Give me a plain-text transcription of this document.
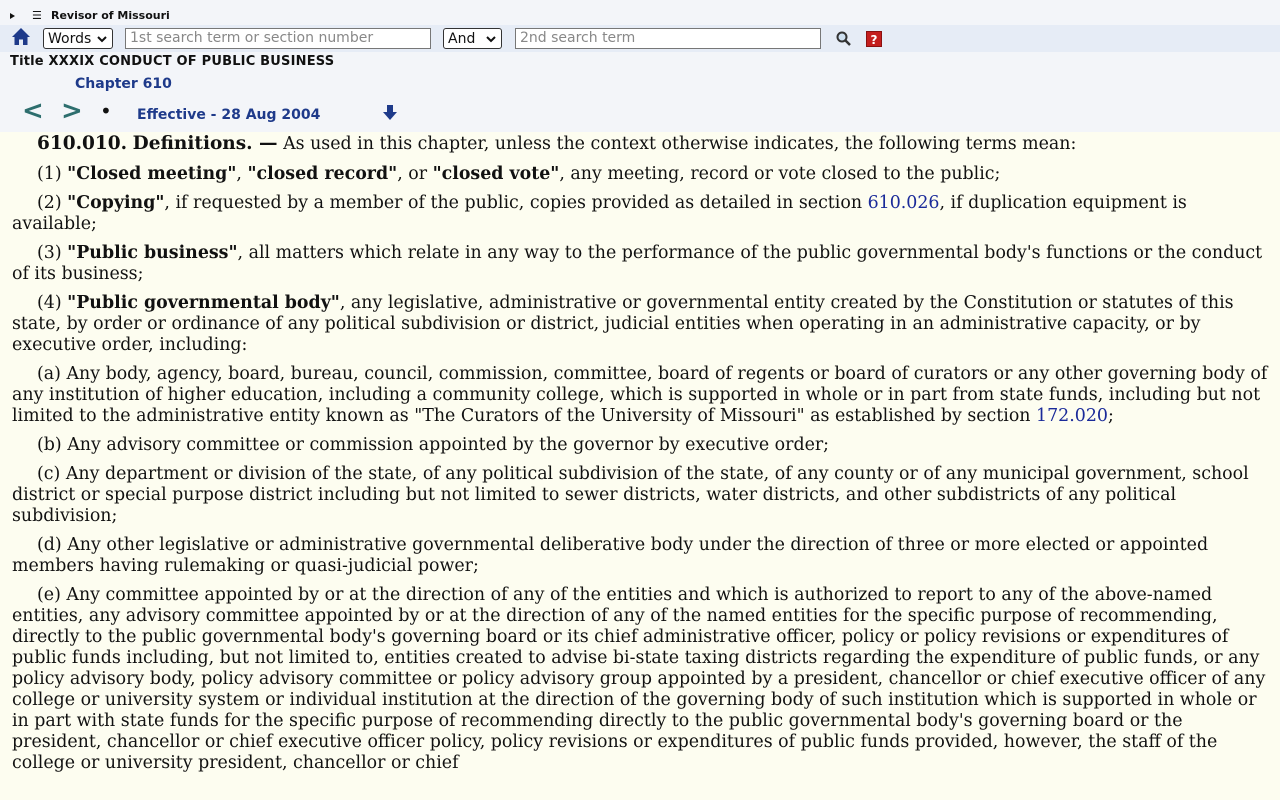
☰ Revisor of Missouri
Words	1st search term or section number	And	2nd search term	?
Title XXXIX CONDUCT OF PUBLIC BUSINESS
Chapter 610
< > • Effective - 28 Aug 2004

610.010. Definitions. — As used in this chapter, unless the context otherwise indicates, the following terms mean:

(1) "Closed meeting", "closed record", or "closed vote", any meeting, record or vote closed to the public;

(2) "Copying", if requested by a member of the public, copies provided as detailed in section 610.026, if duplication equipment is available;

(3) "Public business", all matters which relate in any way to the performance of the public governmental body's functions or the conduct of its business;

(4) "Public governmental body", any legislative, administrative or governmental entity created by the Constitution or statutes of this state, by order or ordinance of any political subdivision or district, judicial entities when operating in an administrative capacity, or by executive order, including:

(a) Any body, agency, board, bureau, council, commission, committee, board of regents or board of curators or any other governing body of any institution of higher education, including a community college, which is supported in whole or in part from state funds, including but not limited to the administrative entity known as "The Curators of the University of Missouri" as established by section 172.020;

(b) Any advisory committee or commission appointed by the governor by executive order;

(c) Any department or division of the state, of any political subdivision of the state, of any county or of any municipal government, school district or special purpose district including but not limited to sewer districts, water districts, and other subdistricts of any political subdivision;

(d) Any other legislative or administrative governmental deliberative body under the direction of three or more elected or appointed members having rulemaking or quasi-judicial power;

(e) Any committee appointed by or at the direction of any of the entities and which is authorized to report to any of the above-named entities, any advisory committee appointed by or at the direction of any of the named entities for the specific purpose of recommending, directly to the public governmental body's governing board or its chief administrative officer, policy or policy revisions or expenditures of public funds including, but not limited to, entities created to advise bi-state taxing districts regarding the expenditure of public funds, or any policy advisory body, policy advisory committee or policy advisory group appointed by a president, chancellor or chief executive officer of any college or university system or individual institution at the direction of the governing body of such institution which is supported in whole or in part with state funds for the specific purpose of recommending directly to the public governmental body's governing board or the president, chancellor or chief executive officer policy, policy revisions or expenditures of public funds provided, however, the staff of the college or university president, chancellor or chief
